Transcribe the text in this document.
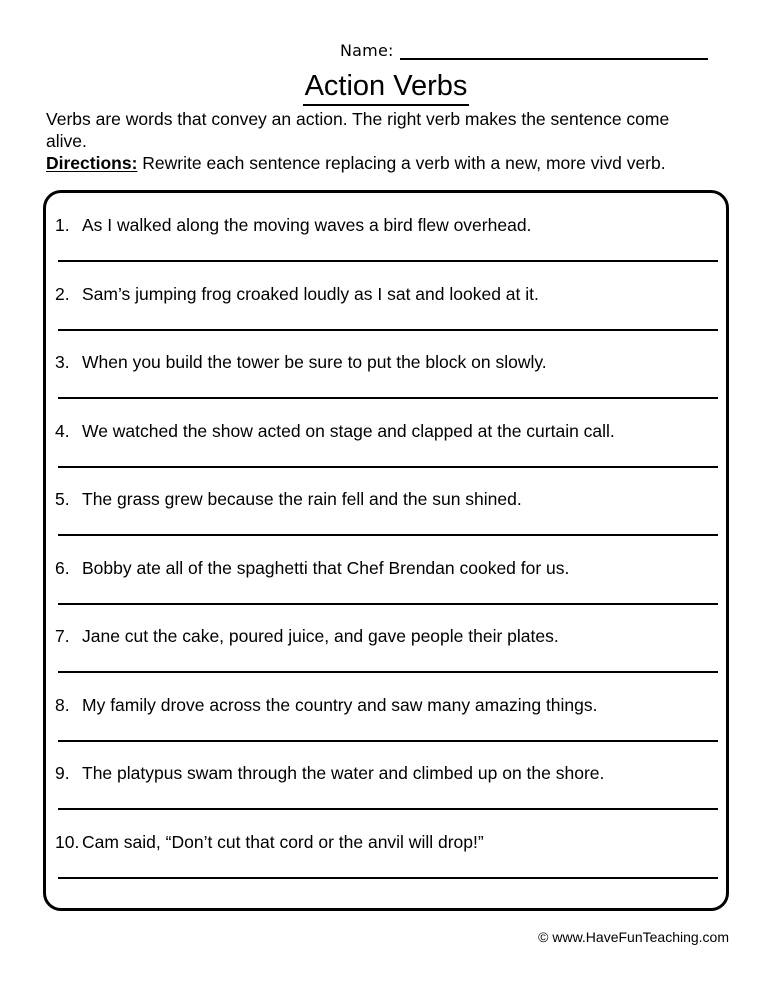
Name:
Action Verbs
Verbs are words that convey an action. The right verb makes the sentence come alive.
Directions: Rewrite each sentence replacing a verb with a new, more vivd verb.
1. As I walked along the moving waves a bird flew overhead.
2. Sam’s jumping frog croaked loudly as I sat and looked at it.
3. When you build the tower be sure to put the block on slowly.
4. We watched the show acted on stage and clapped at the curtain call.
5. The grass grew because the rain fell and the sun shined.
6. Bobby ate all of the spaghetti that Chef Brendan cooked for us.
7. Jane cut the cake, poured juice, and gave people their plates.
8. My family drove across the country and saw many amazing things.
9. The platypus swam through the water and climbed up on the shore.
10. Cam said, “Don’t cut that cord or the anvil will drop!”
© www.HaveFunTeaching.com
